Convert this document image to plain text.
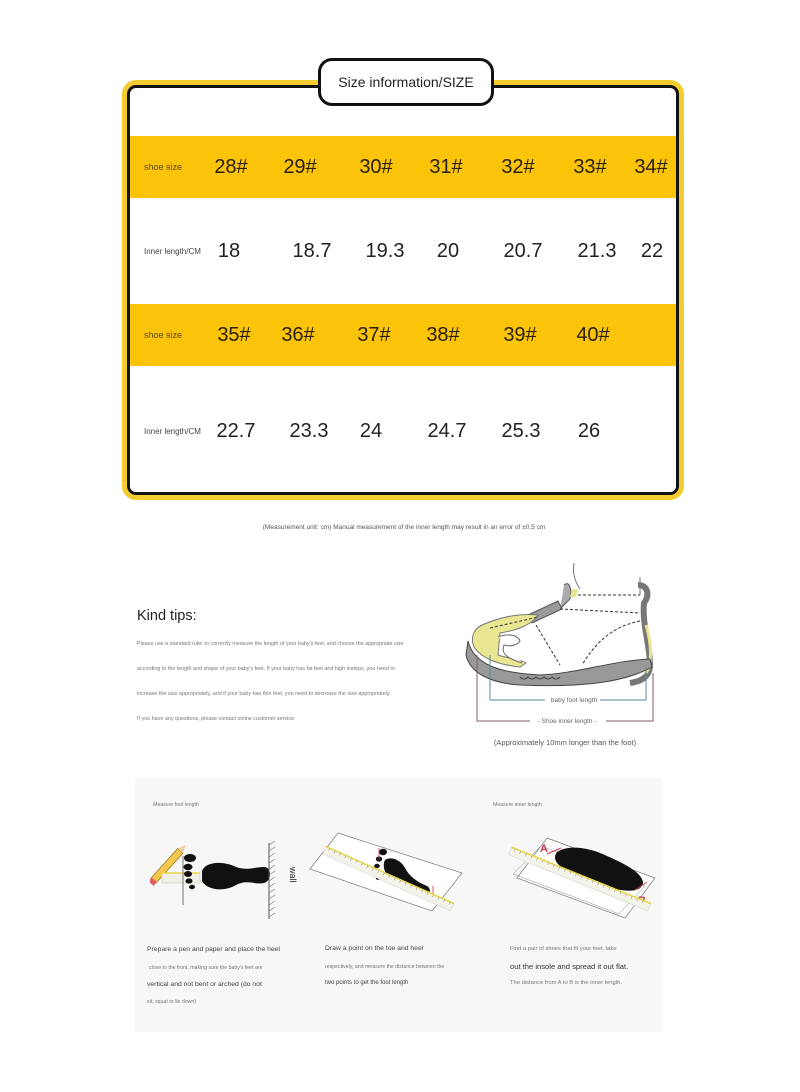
Size information/SIZE
shoe size 28# 29# 30# 31# 32# 33# 34#
Inner length/CM 18	18.7 19.3 20 20.7 21.3 22
shoe size 35# 36# 37# 38# 39# 40#
Inner length/CM 22.7 23.3 24 24.7 25.3 26
(Measurement unit: cm) Manual measurement of the inner length may result in an error of ±0.5 cm
Kind tips:
Please use a standard ruler to correctly measure the length of your baby's feet, and choose the appropriate size
according to the length and shape of your baby's feet. If your baby has fat feet and high insteps, you need to
increase the size appropriately, and if your baby has thin feet, you need to decrease the size appropriately.
If you have any questions, please contact online customer service.
baby foot length
- Shoe inner length -
(Approximately 10mm longer than the foot)
Measure foot length	Measure inner length
wall
A
Prepare a pen and paper and place the heel
close to the front, making sure the baby's feet are
vertical and not bent or arched (do not
sit, squat or lie down)
Draw a point on the toe and heel
respectively, and measure the distance between the
two points to get the foot length
Find a pair of shoes that fit your feet, take
out the insole and spread it out flat.
The distance from A to B is the inner length.
